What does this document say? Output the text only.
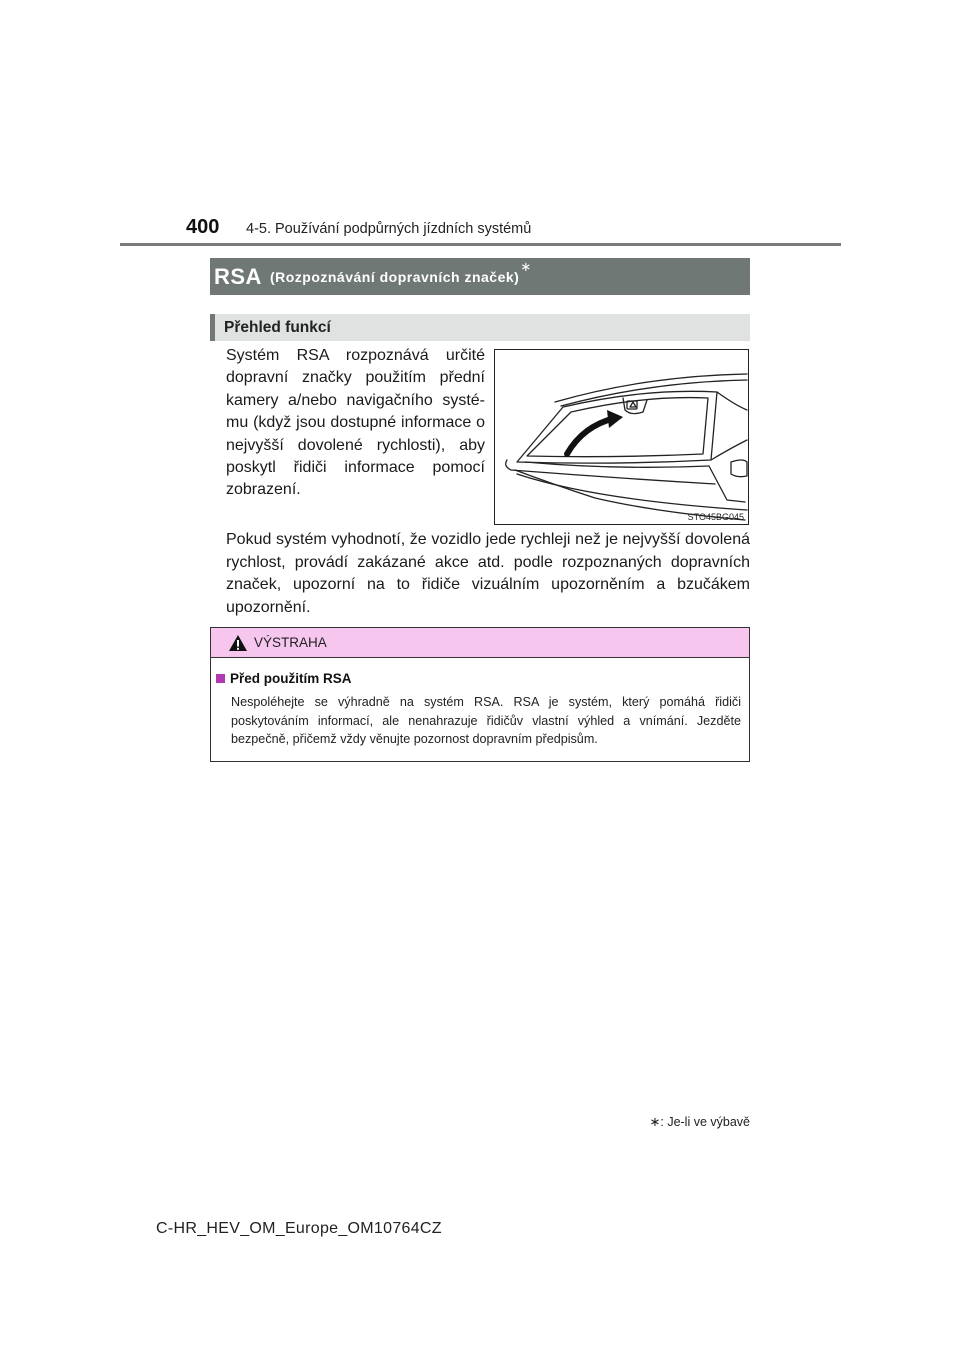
400 4-5. Používání podpůrných jízdních systémů
RSA (Rozpoznávání dopravních značek)
∗
Přehled funkcí
Systém RSA rozpoznává určité dopravní značky použitím přední kamery a/nebo navigačního systému (když jsou dostupné informace o nejvyšší dovolené rychlosti), aby poskytl řidiči informace pomocí zobrazení.
STO45BG045
Pokud systém vyhodnotí, že vozidlo jede rychleji než je nejvyšší dovolená rychlost, provádí zakázané akce atd. podle rozpoznaných dopravních značek, upozorní na to řidiče vizuálním upozorněním a bzučákem upozornění.
VÝSTRAHA
Před použitím RSA
Nespoléhejte se výhradně na systém RSA. RSA je systém, který pomáhá řidiči poskytováním informací, ale nenahrazuje řidičův vlastní výhled a vnímání. Jezděte bezpečně, přičemž vždy věnujte pozornost dopravním předpisům.
∗: Je-li ve výbavě
C-HR_HEV_OM_Europe_OM10764CZ
